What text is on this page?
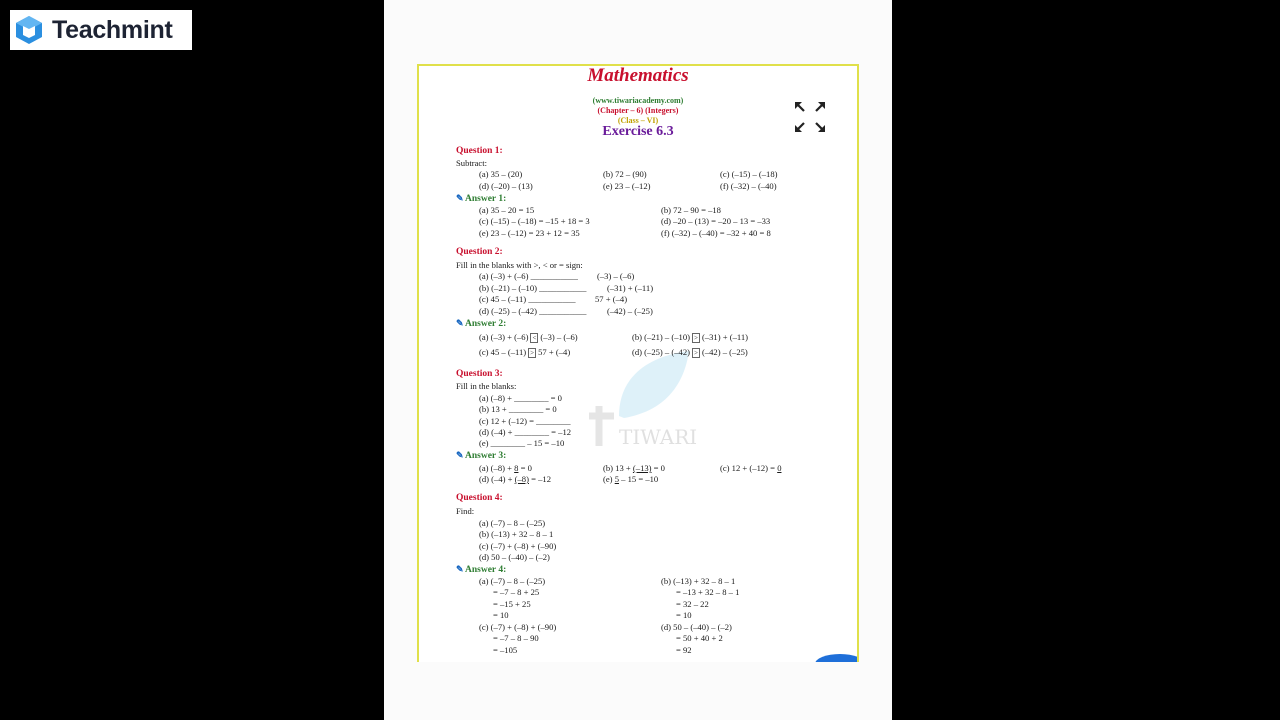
Teachmint
Mathematics
(www.tiwariacademy.com)
(Chapter – 6) (Integers)
(Class – VI)
Exercise 6.3
TIWARI
Question 1:
Subtract:
(a) 35 – (20)	(b) 72 – (90)	(c) (–15) – (–18)
(d) (–20) – (13)	(e) 23 – (–12)	(f) (–32) – (–40)
✎Answer 1:
(a) 35 – 20 = 15	(b) 72 – 90 = –18
(c) (–15) – (–18) = –15 + 18 = 3	(d) –20 – (13) = –20 – 13 = –33
(e) 23 – (–12) = 23 + 12 = 35	(f) (–32) – (–40) = –32 + 40 = 8
Question 2:
Fill in the blanks with >, < or = sign:
(a) (–3) + (–6) ___________ (–3) – (–6)
(b) (–21) – (–10) ___________ (–31) + (–11)
(c) 45 – (–11) ___________ 57 + (–4)
(d) (–25) – (–42) ___________ (–42) – (–25)
✎Answer 2:
(a) (–3) + (–6) < (–3) – (–6)	(b) (–21) – (–10) > (–31) + (–11)
(c) 45 – (–11) > 57 + (–4)	(d) (–25) – (–42) > (–42) – (–25)
Question 3:
Fill in the blanks:
(a) (–8) + ________ = 0
(b) 13 + ________ = 0
(c) 12 + (–12) = ________
(d) (–4) + ________ = –12
(e) ________ – 15 = –10
✎Answer 3:
(a) (–8) + 8 = 0	(b) 13 + (–13) = 0	(c) 12 + (–12) = 0
(d) (–4) + (–8) = –12	(e) 5 – 15 = –10
Question 4:
Find:
(a) (–7) – 8 – (–25)
(b) (–13) + 32 – 8 – 1
(c) (–7) + (–8) + (–90)
(d) 50 – (–40) – (–2)
✎Answer 4:
(a) (–7) – 8 – (–25)
= –7 – 8 + 25
= –15 + 25
= 10
(b) (–13) + 32 – 8 – 1
= –13 + 32 – 8 – 1
= 32 – 22
= 10
(c) (–7) + (–8) + (–90)
= –7 – 8 – 90
= –105
(d) 50 – (–40) – (–2)
= 50 + 40 + 2
= 92
